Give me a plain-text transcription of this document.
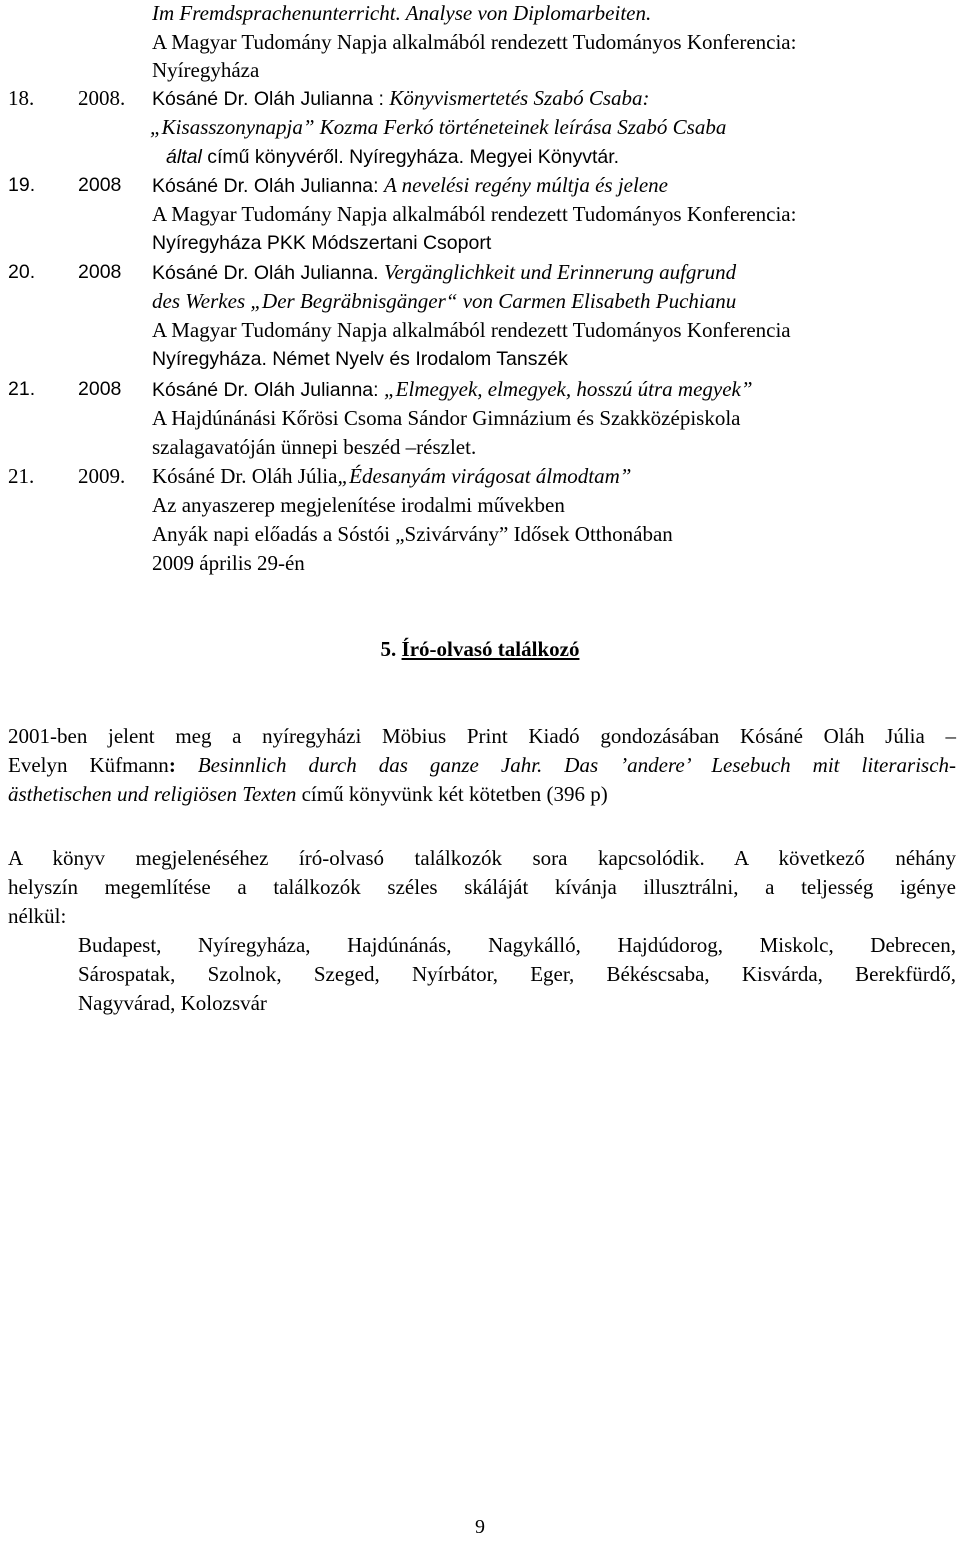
Im Fremdsprachenunterricht. Analyse von Diplomarbeiten.
A Magyar Tudomány Napja alkalmából rendezett Tudományos Konferencia:
Nyíregyháza
18. 2008. Kósáné Dr. Oláh Julianna : Könyvismertetés Szabó Csaba:
„Kisasszonynapja” Kozma Ferkó történeteinek leírása Szabó Csaba
által című könyvéről. Nyíregyháza. Megyei Könyvtár.
19. 2008 Kósáné Dr. Oláh Julianna: A nevelési regény múltja és jelene
A Magyar Tudomány Napja alkalmából rendezett Tudományos Konferencia:
Nyíregyháza PKK Módszertani Csoport
20. 2008 Kósáné Dr. Oláh Julianna. Vergänglichkeit und Erinnerung aufgrund
des Werkes „Der Begräbnisgänger“ von Carmen Elisabeth Puchianu
A Magyar Tudomány Napja alkalmából rendezett Tudományos Konferencia
Nyíregyháza. Német Nyelv és Irodalom Tanszék
21. 2008 Kósáné Dr. Oláh Julianna: „Elmegyek, elmegyek, hosszú útra megyek”
A Hajdúnánási Kőrösi Csoma Sándor Gimnázium és Szakközépiskola
szalagavatóján ünnepi beszéd –részlet.
21. 2009. Kósáné Dr. Oláh Júlia„Édesanyám virágosat álmodtam”
Az anyaszerep megjelenítése irodalmi művekben
Anyák napi előadás a Sóstói „Szivárvány” Idősek Otthonában
2009 április 29-én
5. Író-olvasó találkozó
2001-ben jelent meg a nyíregyházi Möbius Print Kiadó gondozásában Kósáné Oláh Júlia –
Evelyn Küfmann: Besinnlich durch das ganze Jahr. Das ’andere’ Lesebuch mit literarisch-
ästhetischen und religiösen Texten című könyvünk két kötetben (396 p)
A könyv megjelenéséhez író-olvasó találkozók sora kapcsolódik. A következő néhány
helyszín megemlítése a találkozók széles skáláját kívánja illusztrálni, a teljesség igénye
nélkül:
Budapest, Nyíregyháza, Hajdúnánás, Nagykálló, Hajdúdorog, Miskolc, Debrecen,
Sárospatak, Szolnok, Szeged, Nyírbátor, Eger, Békéscsaba, Kisvárda, Berekfürdő,
Nagyvárad, Kolozsvár
9
